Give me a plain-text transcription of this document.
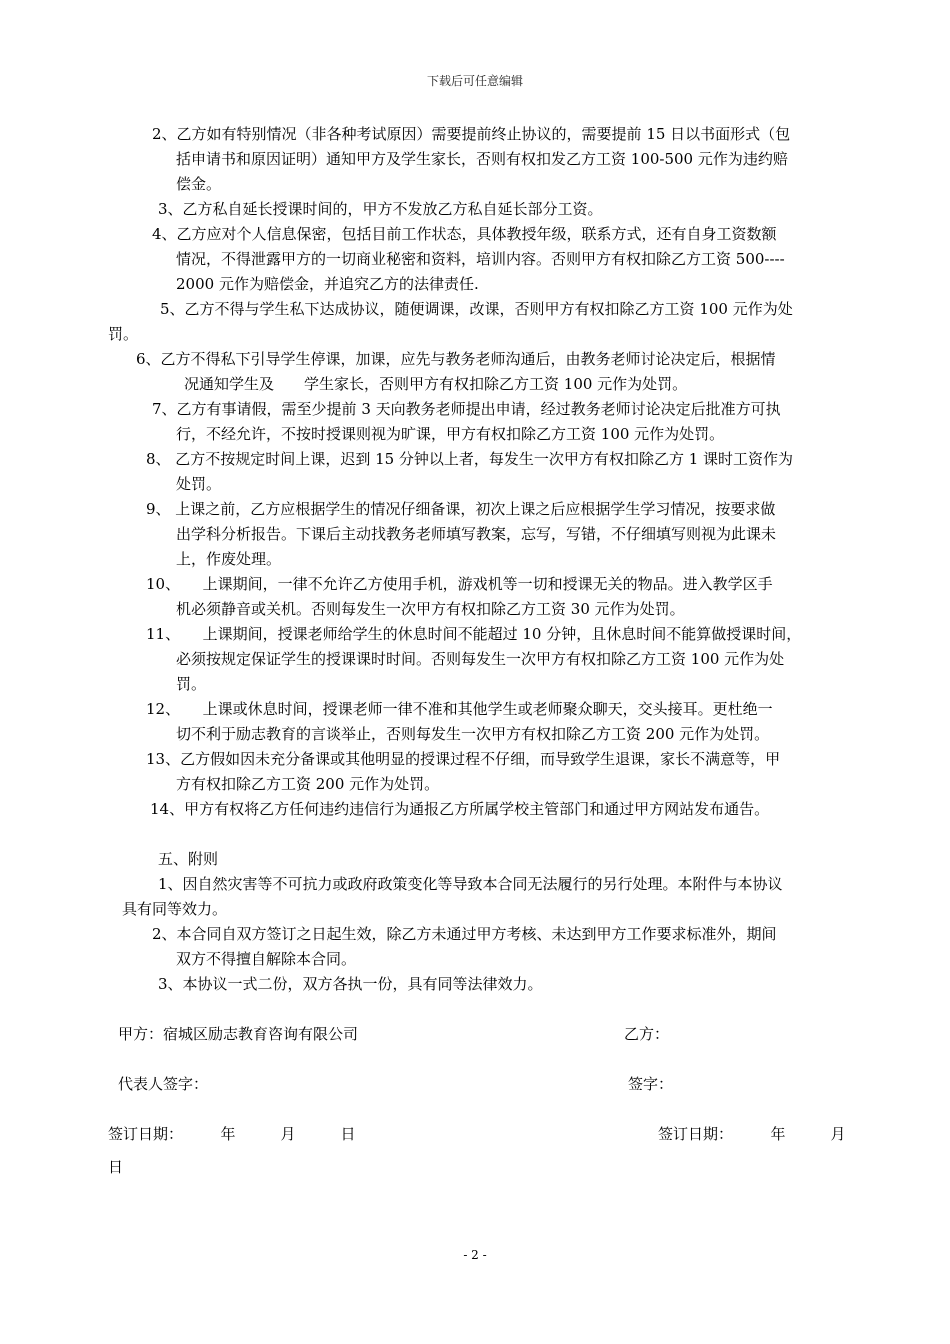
下载后可任意编辑
2、乙方如有特别情况（非各种考试原因）需要提前终止协议的，需要提前 15 日以书面形式（包
括申请书和原因证明）通知甲方及学生家长，否则有权扣发乙方工资 100-500 元作为违约赔
偿金。
3、乙方私自延长授课时间的，甲方不发放乙方私自延长部分工资。
4、乙方应对个人信息保密，包括目前工作状态，具体教授年级，联系方式，还有自身工资数额
情况，不得泄露甲方的一切商业秘密和资料，培训内容。否则甲方有权扣除乙方工资 500----
2000 元作为赔偿金，并追究乙方的法律责任.
5、乙方不得与学生私下达成协议，随便调课，改课，否则甲方有权扣除乙方工资 100 元作为处
罚。
6、乙方不得私下引导学生停课，加课，应先与教务老师沟通后，由教务老师讨论决定后，根据情
况通知学生及　　学生家长，否则甲方有权扣除乙方工资 100 元作为处罚。
7、乙方有事请假，需至少提前 3 天向教务老师提出申请，经过教务老师讨论决定后批准方可执
行，不经允许，不按时授课则视为旷课，甲方有权扣除乙方工资 100 元作为处罚。
8、 乙方不按规定时间上课，迟到 15 分钟以上者，每发生一次甲方有权扣除乙方 1 课时工资作为
处罚。
9、 上课之前，乙方应根据学生的情况仔细备课，初次上课之后应根据学生学习情况，按要求做
出学科分析报告。下课后主动找教务老师填写教案，忘写，写错，不仔细填写则视为此课未
上，作废处理。
10、　　上课期间，一律不允许乙方使用手机，游戏机等一切和授课无关的物品。进入教学区手
机必须静音或关机。否则每发生一次甲方有权扣除乙方工资 30 元作为处罚。
11、　　上课期间，授课老师给学生的休息时间不能超过 10 分钟，且休息时间不能算做授课时间，
必须按规定保证学生的授课课时时间。否则每发生一次甲方有权扣除乙方工资 100 元作为处
罚。
12、　　上课或休息时间，授课老师一律不准和其他学生或老师聚众聊天，交头接耳。更杜绝一
切不利于励志教育的言谈举止，否则每发生一次甲方有权扣除乙方工资 200 元作为处罚。
13、乙方假如因未充分备课或其他明显的授课过程不仔细，而导致学生退课，家长不满意等，甲
方有权扣除乙方工资 200 元作为处罚。
14、甲方有权将乙方任何违约违信行为通报乙方所属学校主管部门和通过甲方网站发布通告。
五、附则
1、因自然灾害等不可抗力或政府政策变化等导致本合同无法履行的另行处理。本附件与本协议
具有同等效力。
2、本合同自双方签订之日起生效，除乙方未通过甲方考核、未达到甲方工作要求标准外，期间
双方不得擅自解除本合同。
3、本协议一式二份，双方各执一份，具有同等法律效力。
甲方：宿城区励志教育咨询有限公司	乙方：
代表人签字：	签字：
签订日期：　　　年　　　月　　　日	签订日期：　　　年　　　月
日
- 2 -
